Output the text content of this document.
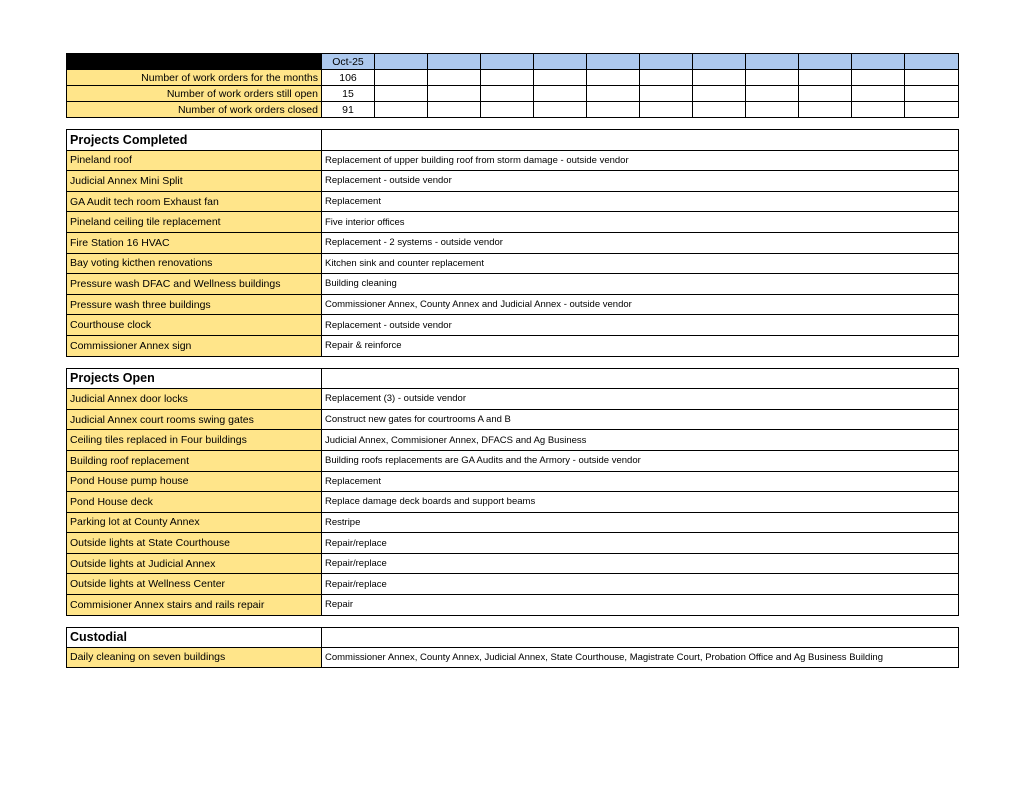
	Oct-25											
Number of work orders for the months	106											
Number of work orders still open	15											
Number of work orders closed	91											
Projects Completed	
Pineland roof	Replacement of upper building roof from storm damage - outside vendor
Judicial Annex Mini Split	Replacement - outside vendor
GA Audit tech room Exhaust fan	Replacement
Pineland ceiling tile replacement	Five interior offices
Fire Station 16 HVAC	Replacement - 2 systems - outside vendor
Bay voting kicthen renovations	Kitchen sink and counter replacement
Pressure wash DFAC and Wellness buildings	Building cleaning
Pressure wash three buildings	Commissioner Annex, County Annex and Judicial Annex - outside vendor
Courthouse clock	Replacement - outside vendor
Commissioner Annex sign	Repair & reinforce
Projects Open	
Judicial Annex door locks	Replacement (3) - outside vendor
Judicial Annex court rooms swing gates	Construct new gates for courtrooms A and B
Ceiling tiles replaced in Four buildings	Judicial Annex, Commisioner Annex, DFACS and Ag Business
Building roof replacement	Building roofs replacements are GA Audits and the Armory - outside vendor
Pond House pump house	Replacement
Pond House deck	Replace damage deck boards and support beams
Parking lot at County Annex	Restripe
Outside lights at State Courthouse	Repair/replace
Outside lights at Judicial Annex	Repair/replace
Outside lights at Wellness Center	Repair/replace
Commisioner Annex stairs and rails repair	Repair
Custodial	
Daily cleaning on seven buildings	Commissioner Annex, County Annex, Judicial Annex, State Courthouse, Magistrate Court, Probation Office and Ag Business Building
